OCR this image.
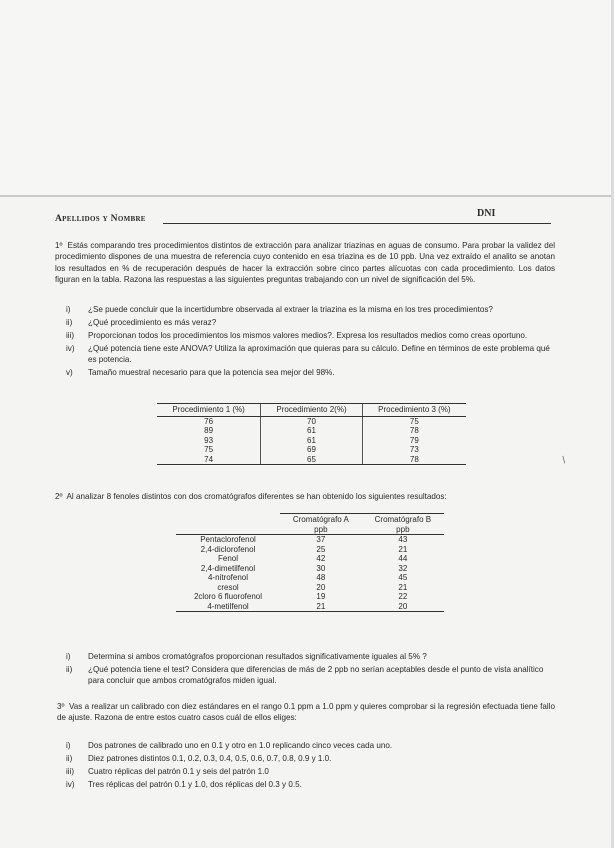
Apellidos y Nombre	DNI
1º Estás comparando tres procedimientos distintos de extracción para analizar triazinas en aguas de consumo. Para probar la validez del procedimiento dispones de una muestra de referencia cuyo contenido en esa triazina es de 10 ppb. Una vez extraído el analito se anotan los resultados en % de recuperación después de hacer la extracción sobre cinco partes alícuotas con cada procedimiento. Los datos figuran en la tabla. Razona las respuestas a las siguientes preguntas trabajando con un nivel de significación del 5%.
i) ¿Se puede concluir que la incertidumbre observada al extraer la triazina es la misma en los tres procedimientos?
ii) ¿Qué procedimiento es más veraz?
iii) Proporcionan todos los procedimientos los mismos valores medios?. Expresa los resultados medios como creas oportuno.
iv) ¿Qué potencia tiene este ANOVA? Utiliza la aproximación que quieras para su cálculo. Define en términos de este problema qué es potencia.
v) Tamaño muestral necesario para que la potencia sea mejor del 98%.
Procedimiento 1 (%)	Procedimiento 2(%)	Procedimiento 3 (%)
76	70	75
89	61	78
93	61	79
75	69	73
74	65	78	/
2º Al analizar 8 fenoles distintos con dos cromatógrafos diferentes se han obtenido los siguientes resultados:

	Cromatógrafo A
ppb	Cromatógrafo B
ppb

Pentaclorofenol	37	43
2,4-diclorofenol	25	21
Fenol	42	44
2,4-dimetilfenol	30	32
4-nitrofenol	48	45
cresol	20	21
2cloro 6 fluorofenol	19	22
4-metilfenol	21	20
i) Determina si ambos cromatógrafos proporcionan resultados significativamente iguales al 5% ?
ii) ¿Qué potencia tiene el test? Considera que diferencias de más de 2 ppb no serían aceptables desde el punto de vista analítico para concluir que ambos cromatógrafos miden igual.
3º Vas a realizar un calibrado con diez estándares en el rango 0.1 ppm a 1.0 ppm y quieres comprobar si la regresión efectuada tiene fallo de ajuste. Razona de entre estos cuatro casos cuál de ellos eliges:
i) Dos patrones de calibrado uno en 0.1 y otro en 1.0 replicando cinco veces cada uno.
ii) Diez patrones distintos 0.1, 0.2, 0.3, 0.4, 0.5, 0.6, 0.7, 0.8, 0.9 y 1.0.
iii) Cuatro réplicas del patrón 0.1 y seis del patrón 1.0
iv) Tres réplicas del patrón 0.1 y 1.0, dos réplicas del 0.3 y 0.5.
